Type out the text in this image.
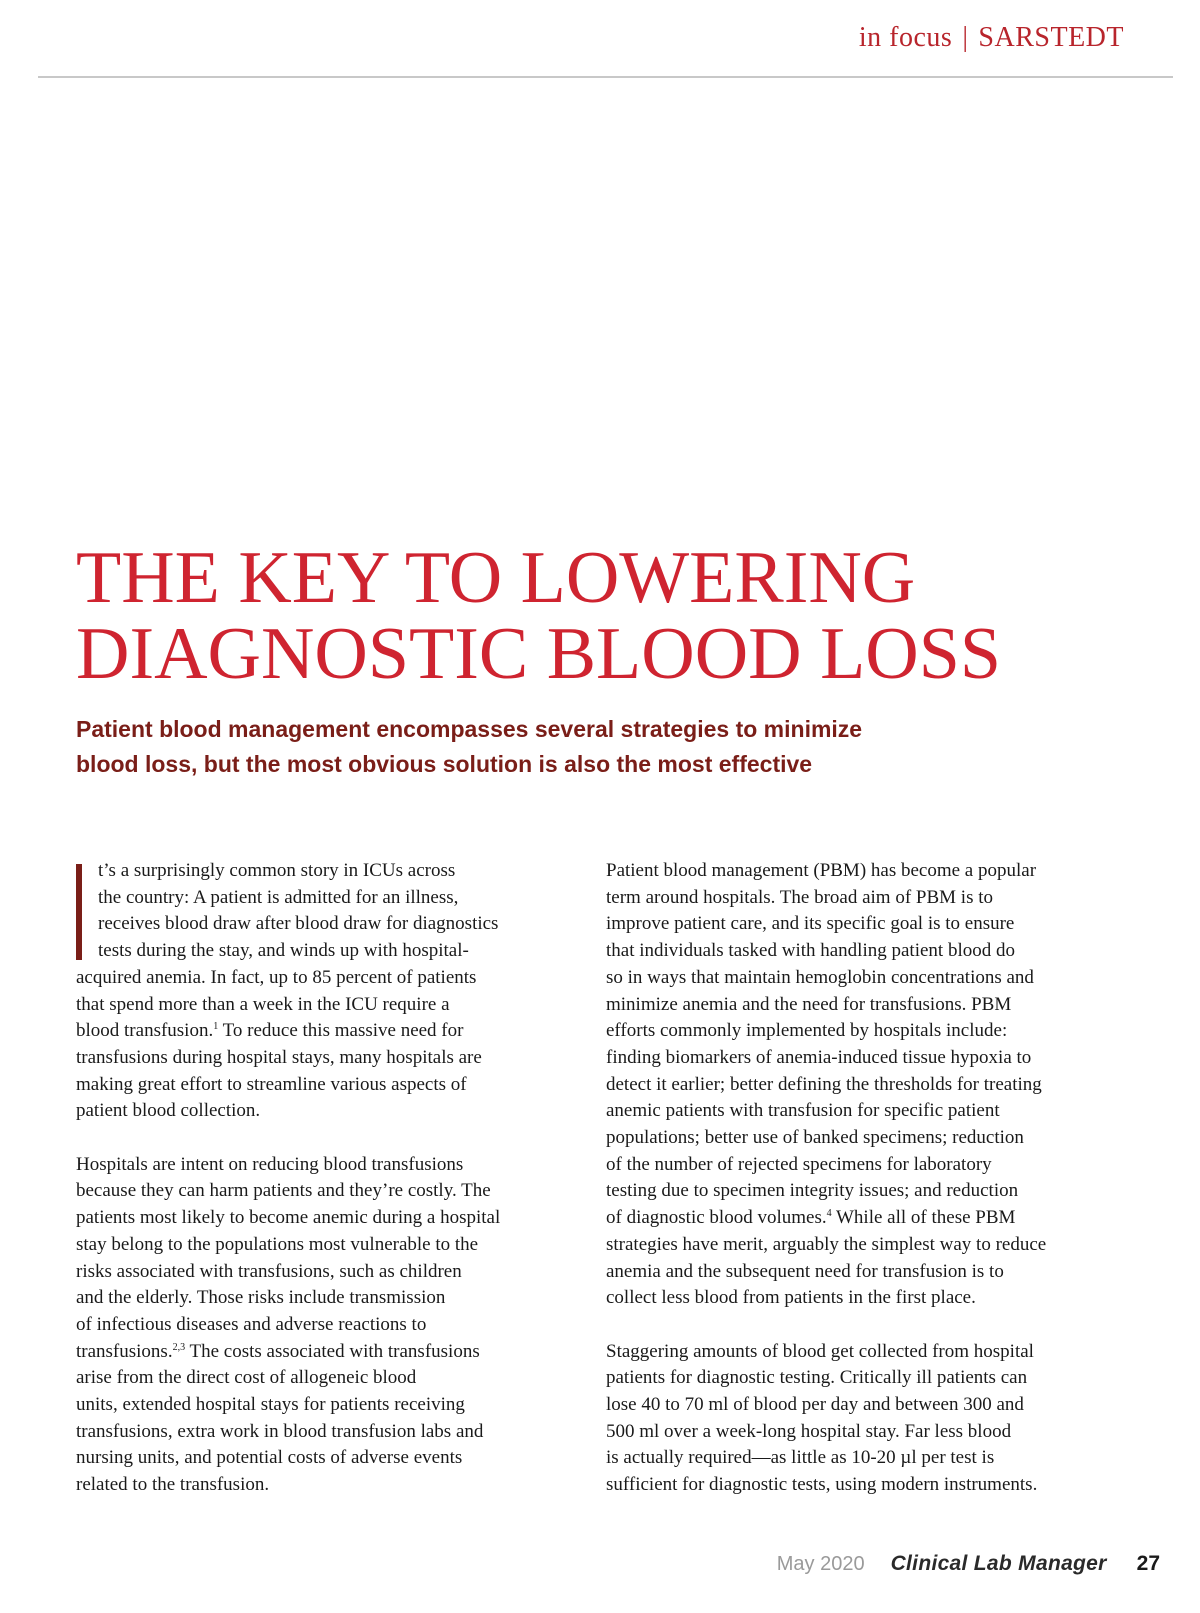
in focus | SARSTEDT
THE KEY TO LOWERING
DIAGNOSTIC BLOOD LOSS
Patient blood management encompasses several strategies to minimize
blood loss, but the most obvious solution is also the most effective
t’s a surprisingly common story in ICUs across
the country: A patient is admitted for an illness,
receives blood draw after blood draw for diagnostics
tests during the stay, and winds up with hospital-
acquired anemia. In fact, up to 85 percent of patients
that spend more than a week in the ICU require a
blood transfusion.$^1$ To reduce this massive need for
transfusions during hospital stays, many hospitals are
making great effort to streamline various aspects of
patient blood collection.
Hospitals are intent on reducing blood transfusions
because they can harm patients and they’re costly. The
patients most likely to become anemic during a hospital
stay belong to the populations most vulnerable to the
risks associated with transfusions, such as children
and the elderly. Those risks include transmission
of infectious diseases and adverse reactions to
transfusions.$^{2,3}$ The costs associated with transfusions
arise from the direct cost of allogeneic blood
units, extended hospital stays for patients receiving
transfusions, extra work in blood transfusion labs and
nursing units, and potential costs of adverse events
related to the transfusion.
Patient blood management (PBM) has become a popular
term around hospitals. The broad aim of PBM is to
improve patient care, and its specific goal is to ensure
that individuals tasked with handling patient blood do
so in ways that maintain hemoglobin concentrations and
minimize anemia and the need for transfusions. PBM
efforts commonly implemented by hospitals include:
finding biomarkers of anemia-induced tissue hypoxia to
detect it earlier; better defining the thresholds for treating
anemic patients with transfusion for specific patient
populations; better use of banked specimens; reduction
of the number of rejected specimens for laboratory
testing due to specimen integrity issues; and reduction
of diagnostic blood volumes.$^4$ While all of these PBM
strategies have merit, arguably the simplest way to reduce
anemia and the subsequent need for transfusion is to
collect less blood from patients in the first place.
Staggering amounts of blood get collected from hospital
patients for diagnostic testing. Critically ill patients can
lose 40 to 70 ml of blood per day and between 300 and
500 ml over a week-long hospital stay. Far less blood
is actually required—as little as 10-20 µl per test is
sufficient for diagnostic tests, using modern instruments.
May 2020 Clinical Lab Manager 27
